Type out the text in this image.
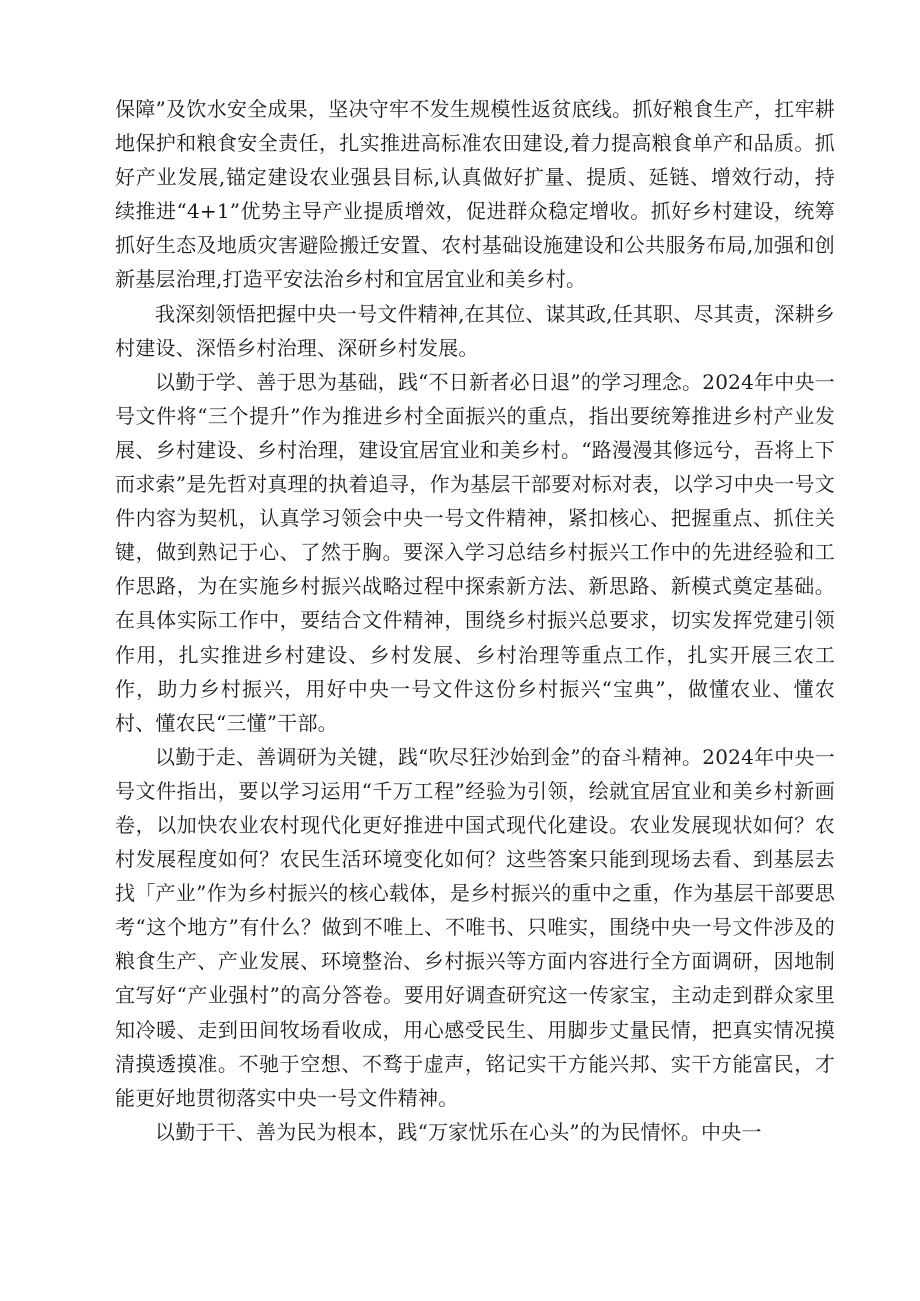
保障”及饮水安全成果，坚决守牢不发生规模性返贫底线。抓好粮食生产，扛牢耕地保护和粮食安全责任，扎实推进高标准农田建设,着力提高粮食单产和品质。抓好产业发展,锚定建设农业强县目标,认真做好扩量、提质、延链、增效行动，持续推进“4+1”优势主导产业提质增效，促进群众稳定增收。抓好乡村建设，统筹抓好生态及地质灾害避险搬迁安置、农村基础设施建设和公共服务布局,加强和创新基层治理,打造平安法治乡村和宜居宜业和美乡村。

我深刻领悟把握中央一号文件精神,在其位、谋其政,任其职、尽其责，深耕乡村建设、深悟乡村治理、深研乡村发展。

以勤于学、善于思为基础，践“不日新者必日退”的学习理念。2024年中央一号文件将“三个提升”作为推进乡村全面振兴的重点，指出要统筹推进乡村产业发展、乡村建设、乡村治理，建设宜居宜业和美乡村。“路漫漫其修远兮，吾将上下而求索”是先哲对真理的执着追寻，作为基层干部要对标对表，以学习中央一号文件内容为契机，认真学习领会中央一号文件精神，紧扣核心、把握重点、抓住关键，做到熟记于心、了然于胸。要深入学习总结乡村振兴工作中的先进经验和工作思路，为在实施乡村振兴战略过程中探索新方法、新思路、新模式奠定基础。在具体实际工作中，要结合文件精神，围绕乡村振兴总要求，切实发挥党建引领作用，扎实推进乡村建设、乡村发展、乡村治理等重点工作，扎实开展三农工作，助力乡村振兴，用好中央一号文件这份乡村振兴“宝典”，做懂农业、懂农村、懂农民“三懂”干部。

以勤于走、善调研为关键，践“吹尽狂沙始到金”的奋斗精神。2024年中央一号文件指出，要以学习运用“千万工程”经验为引领，绘就宜居宜业和美乡村新画卷，以加快农业农村现代化更好推进中国式现代化建设。农业发展现状如何？农村发展程度如何？农民生活环境变化如何？这些答案只能到现场去看、到基层去找「产业”作为乡村振兴的核心载体，是乡村振兴的重中之重，作为基层干部要思考“这个地方”有什么？做到不唯上、不唯书、只唯实，围绕中央一号文件涉及的粮食生产、产业发展、环境整治、乡村振兴等方面内容进行全方面调研，因地制宜写好“产业强村”的高分答卷。要用好调查研究这一传家宝，主动走到群众家里知冷暖、走到田间牧场看收成，用心感受民生、用脚步丈量民情，把真实情况摸清摸透摸准。不驰于空想、不骛于虚声，铭记实干方能兴邦、实干方能富民，才能更好地贯彻落实中央一号文件精神。

以勤于干、善为民为根本，践“万家忧乐在心头”的为民情怀。中央一
